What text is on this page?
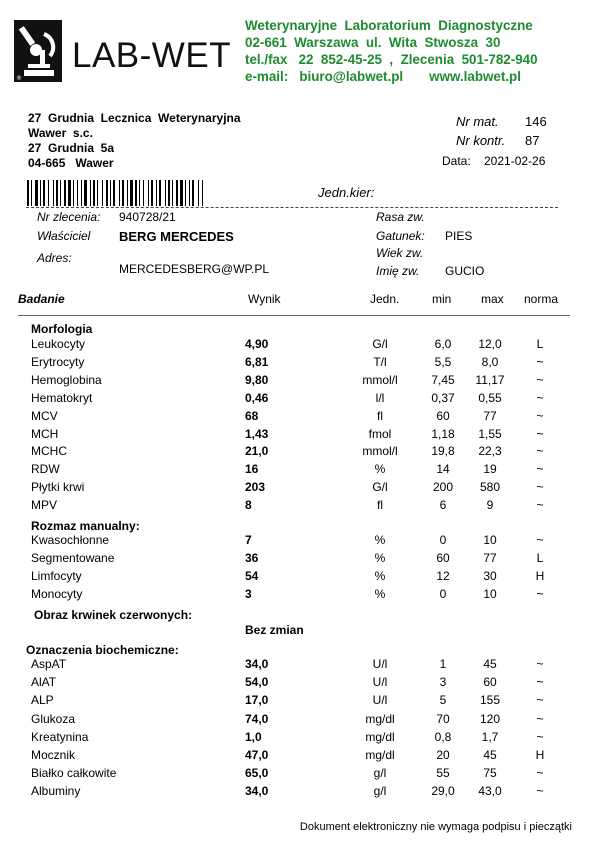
®
LAB-WET
Weterynaryjne  Laboratorium  Diagnostyczne
02-661  Warszawa  ul.  Wita  Stwosza  30
tel./fax   22  852-45-25  ,  Zlecenia  501-782-940
e-mail:   biuro@labwet.pl       www.labwet.pl
27  Grudnia  Lecznica  Weterynaryjna
Wawer  s.c.
27  Grudnia  5a
04-665   Wawer
Nr mat. 146
Nr kontr. 87
Data: 2021-02-26
Jedn.kier:
Nr zlecenia: 940728/21
Właściciel BERG MERCEDES
Adres:
MERCEDESBERG@WP.PL
Rasa zw.
Gatunek: PIES
Wiek zw.
Imię zw. GUCIO
Badanie	Wynik	Jedn.	min max norma
Morfologia
Leukocyty	4,90	G/l	6,0	12,0	L
Erytrocyty	6,81	T/l	5,5	8,0	~
Hemoglobina	9,80	mmol/l	7,45	11,17	~
Hematokryt	0,46	l/l	0,37	0,55	~
MCV	68	fl	60	77	~
MCH	1,43	fmol	1,18	1,55	~
MCHC	21,0	mmol/l	19,8	22,3	~
RDW	16	%	14	19	~
Płytki krwi	203	G/l	200	580	~
MPV	8	fl	6	9	~
Rozmaz manualny:
Kwasochłonne	7	%	0	10	~
Segmentowane	36	%	60	77	L
Limfocyty	54	%	12	30	H
Monocyty	3	%	0	10	~
Obraz krwinek czerwonych:
Bez zmian
Oznaczenia biochemiczne:
AspAT	34,0	U/l	1	45	~
AlAT	54,0	U/l	3	60	~
ALP	17,0	U/l	5	155	~
Glukoza	74,0	mg/dl	70	120	~
Kreatynina	1,0	mg/dl	0,8	1,7	~
Mocznik	47,0	mg/dl	20	45	H
Białko całkowite	65,0	g/l	55	75	~
Albuminy	34,0	g/l	29,0	43,0	~
Dokument elektroniczny nie wymaga podpisu i pieczątki
